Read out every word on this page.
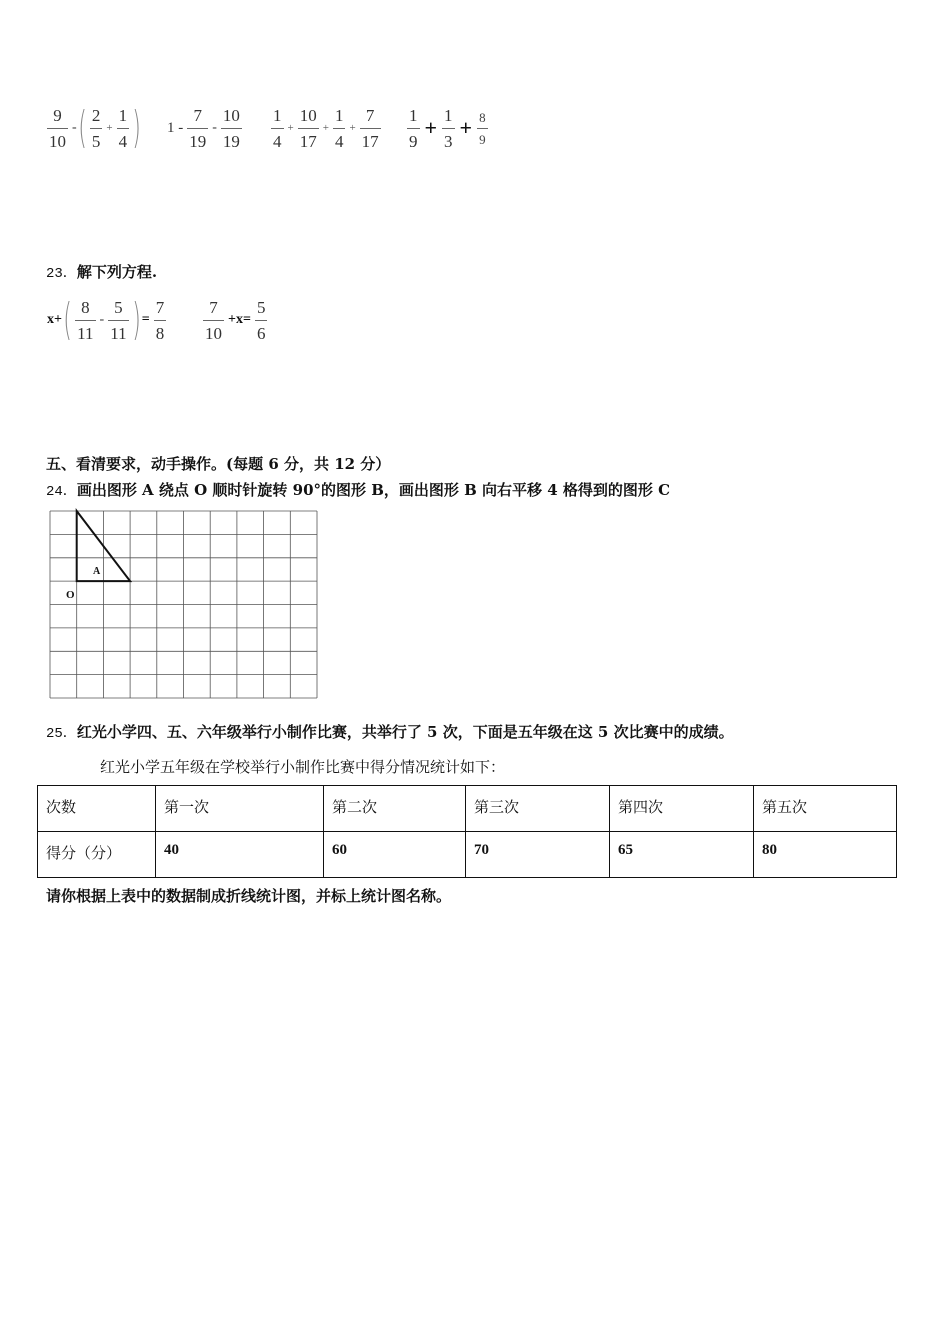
$\frac{9}{10}$ - ( $\frac{2}{5} + \frac{1}{4}$ ) $1 - \frac{7}{19} - \frac{10}{19} \frac{1}{4} + \frac{10}{17} + \frac{1}{4} + \frac{7}{17} \frac{1}{9} + \frac{1}{3} + \frac{8}{9}$
23．解下列方程.
x+ ( $\frac{8}{11} - \frac{5}{11}$ ) = $\frac{7}{8} \frac{7}{10} +x= \frac{5}{6}$
五、看清要求，动手操作。(每题 6 分，共 12 分）
24．画出图形 A 绕点 O 顺时针旋转 90°的图形 B，画出图形 B 向右平移 4 格得到的图形 C
A
O
25．红光小学四、五、六年级举行小制作比赛，共举行了 5 次，下面是五年级在这 5 次比赛中的成绩。
红光小学五年级在学校举行小制作比赛中得分情况统计如下：
次数	第一次	第二次	第三次	第四次	第五次
得分（分）	40	60	70	65	80
请你根据上表中的数据制成折线统计图，并标上统计图名称。
